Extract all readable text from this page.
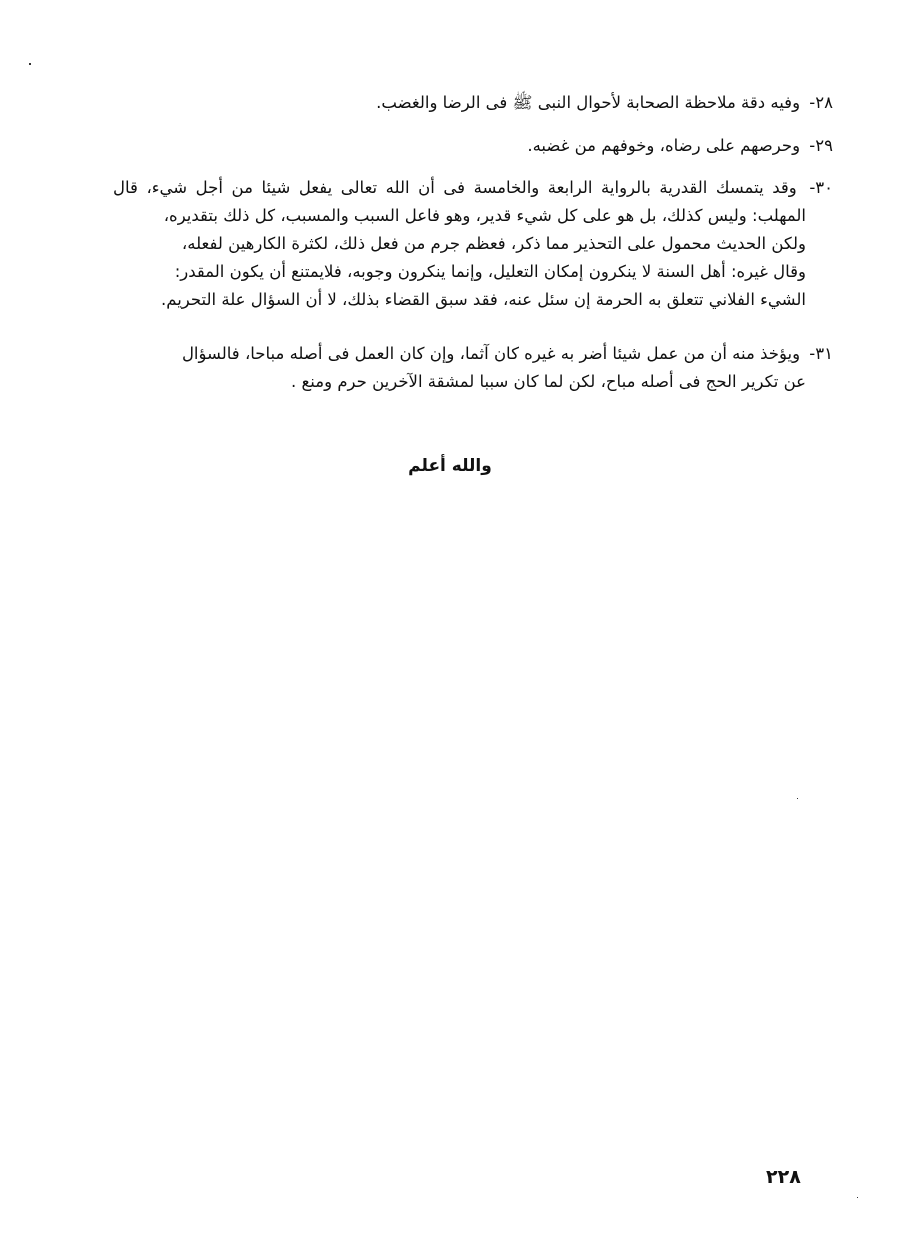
٢٨- وفيه دقة ملاحظة الصحابة لأحوال النبى ﷺ فى الرضا والغضب.
٢٩- وحرصهم على رضاه، وخوفهم من غضبه.
٣٠- وقد يتمسك القدرية بالرواية الرابعة والخامسة فى أن الله تعالى يفعل شيئا من أجل شيء، قال
المهلب: وليس كذلك، بل هو على كل شيء قدير، وهو فاعل السبب والمسبب، كل ذلك بتقديره،
ولكن الحديث محمول على التحذير مما ذكر، فعظم جرم من فعل ذلك، لكثرة الكارهين لفعله،
وقال غيره: أهل السنة لا ينكرون إمكان التعليل، وإنما ينكرون وجوبه، فلايمتنع أن يكون المقدر:
الشيء الفلاني تتعلق به الحرمة إن سئل عنه، فقد سبق القضاء بذلك، لا أن السؤال علة التحريم.
٣١- ويؤخذ منه أن من عمل شيئا أضر به غيره كان آثما، وإن كان العمل فى أصله مباحا، فالسؤال
عن تكرير الحج فى أصله مباح، لكن لما كان سببا لمشقة الآخرين حرم ومنع .
والله أعلم
٢٢٨
